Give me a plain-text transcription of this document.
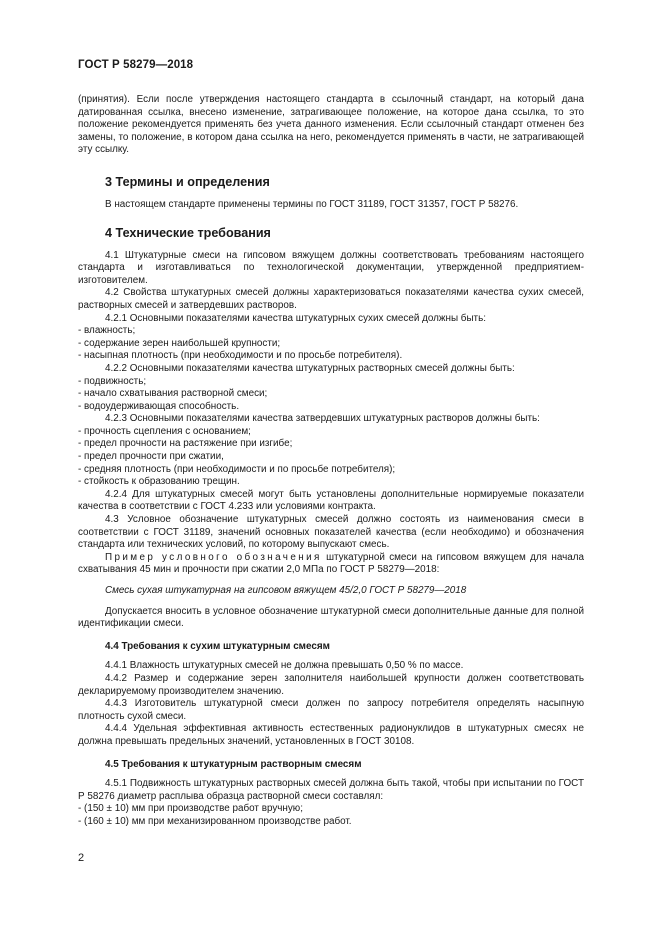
ГОСТ Р 58279—2018

(принятия). Если после утверждения настоящего стандарта в ссылочный стандарт, на который дана датированная ссылка, внесено изменение, затрагивающее положение, на которое дана ссылка, то это положение рекомендуется применять без учета данного изменения. Если ссылочный стандарт отменен без замены, то положение, в котором дана ссылка на него, рекомендуется применять в части, не затрагивающей эту ссылку.

3 Термины и определения

В настоящем стандарте применены термины по ГОСТ 31189, ГОСТ 31357, ГОСТ Р 58276.

4 Технические требования

4.1 Штукатурные смеси на гипсовом вяжущем должны соответствовать требованиям настоящего стандарта и изготавливаться по технологической документации, утвержденной предприятием-изготовителем.

4.2 Свойства штукатурных смесей должны характеризоваться показателями качества сухих смесей, растворных смесей и затвердевших растворов.

4.2.1 Основными показателями качества штукатурных сухих смесей должны быть:

- влажность;

- содержание зерен наибольшей крупности;

- насыпная плотность (при необходимости и по просьбе потребителя).

4.2.2 Основными показателями качества штукатурных растворных смесей должны быть:

- подвижность;

- начало схватывания растворной смеси;

- водоудерживающая способность.

4.2.3 Основными показателями качества затвердевших штукатурных растворов должны быть:

- прочность сцепления с основанием;

- предел прочности на растяжение при изгибе;

- предел прочности при сжатии,

- средняя плотность (при необходимости и по просьбе потребителя);

- стойкость к образованию трещин.

4.2.4 Для штукатурных смесей могут быть установлены дополнительные нормируемые показатели качества в соответствии с ГОСТ 4.233 или условиями контракта.

4.3 Условное обозначение штукатурных смесей должно состоять из наименования смеси в соответствии с ГОСТ 31189, значений основных показателей качества (если необходимо) и обозначения стандарта или технических условий, по которому выпускают смесь.

Пример условного обозначения штукатурной смеси на гипсовом вяжущем для начала схватывания 45 мин и прочности при сжатии 2,0 МПа по ГОСТ Р 58279—2018:

Смесь сухая штукатурная на гипсовом вяжущем 45/2,0 ГОСТ Р 58279—2018

Допускается вносить в условное обозначение штукатурной смеси дополнительные данные для полной идентификации смеси.

4.4 Требования к сухим штукатурным смесям

4.4.1 Влажность штукатурных смесей не должна превышать 0,50 % по массе.

4.4.2 Размер и содержание зерен заполнителя наибольшей крупности должен соответствовать декларируемому производителем значению.

4.4.3 Изготовитель штукатурной смеси должен по запросу потребителя определять насыпную плотность сухой смеси.

4.4.4 Удельная эффективная активность естественных радионуклидов в штукатурных смесях не должна превышать предельных значений, установленных в ГОСТ 30108.

4.5 Требования к штукатурным растворным смесям

4.5.1 Подвижность штукатурных растворных смесей должна быть такой, чтобы при испытании по ГОСТ Р 58276 диаметр расплыва образца растворной смеси составлял:

- (150 ± 10) мм при производстве работ вручную;

- (160 ± 10) мм при механизированном производстве работ.

2
